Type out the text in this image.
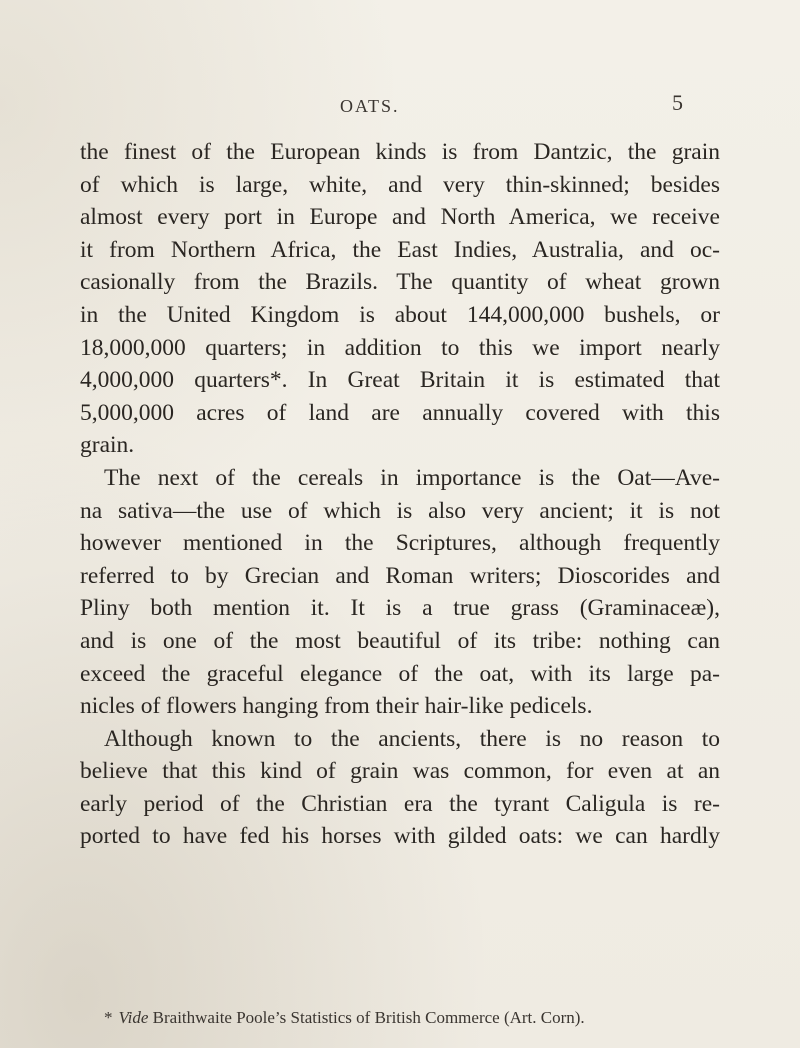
OATS.	5
the finest of the European kinds is from Dantzic, the grain
of which is large, white, and very thin-skinned; besides
almost every port in Europe and North America, we receive
it from Northern Africa, the East Indies, Australia, and oc-
casionally from the Brazils. The quantity of wheat grown
in the United Kingdom is about 144,000,000 bushels, or
18,000,000 quarters; in addition to this we import nearly
4,000,000 quarters*. In Great Britain it is estimated that
5,000,000 acres of land are annually covered with this
grain.
The next of the cereals in importance is the Oat—Ave-
na sativa—the use of which is also very ancient; it is not
however mentioned in the Scriptures, although frequently
referred to by Grecian and Roman writers; Dioscorides and
Pliny both mention it. It is a true grass (Graminaceæ),
and is one of the most beautiful of its tribe: nothing can
exceed the graceful elegance of the oat, with its large pa-
nicles of flowers hanging from their hair-like pedicels.
Although known to the ancients, there is no reason to
believe that this kind of grain was common, for even at an
early period of the Christian era the tyrant Caligula is re-
ported to have fed his horses with gilded oats: we can hardly
* Vide Braithwaite Poole’s Statistics of British Commerce (Art. Corn).
